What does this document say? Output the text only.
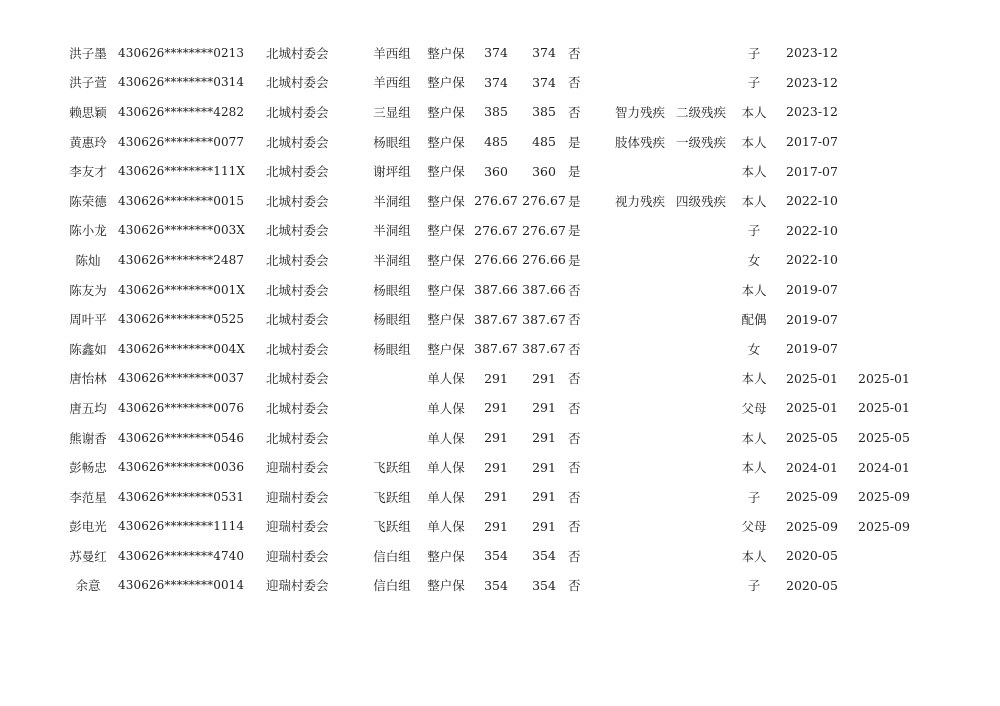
洪子墨	430626********0213	北城村委会	羊西组	整户保	374	374	否			子	2023-12	
洪子萱	430626********0314	北城村委会	羊西组	整户保	374	374	否			子	2023-12	
赖思颖	430626********4282	北城村委会	三显组	整户保	385	385	否	智力残疾	二级残疾	本人	2023-12	
黄惠玲	430626********0077	北城村委会	杨眼组	整户保	485	485	是	肢体残疾	一级残疾	本人	2017-07	
李友才	430626********111X	北城村委会	谢坪组	整户保	360	360	是			本人	2017-07	
陈荣德	430626********0015	北城村委会	半洞组	整户保	276.67	276.67	是	视力残疾	四级残疾	本人	2022-10	
陈小龙	430626********003X	北城村委会	半洞组	整户保	276.67	276.67	是			子	2022-10	
陈灿	430626********2487	北城村委会	半洞组	整户保	276.66	276.66	是			女	2022-10	
陈友为	430626********001X	北城村委会	杨眼组	整户保	387.66	387.66	否			本人	2019-07	
周叶平	430626********0525	北城村委会	杨眼组	整户保	387.67	387.67	否			配偶	2019-07	
陈鑫如	430626********004X	北城村委会	杨眼组	整户保	387.67	387.67	否			女	2019-07	
唐怡林	430626********0037	北城村委会		单人保	291	291	否			本人	2025-01	2025-01
唐五均	430626********0076	北城村委会		单人保	291	291	否			父母	2025-01	2025-01
熊谢香	430626********0546	北城村委会		单人保	291	291	否			本人	2025-05	2025-05
彭畅忠	430626********0036	迎瑞村委会	飞跃组	单人保	291	291	否			本人	2024-01	2024-01
李范星	430626********0531	迎瑞村委会	飞跃组	单人保	291	291	否			子	2025-09	2025-09
彭电光	430626********1114	迎瑞村委会	飞跃组	单人保	291	291	否			父母	2025-09	2025-09
苏曼红	430626********4740	迎瑞村委会	信白组	整户保	354	354	否			本人	2020-05	
余意	430626********0014	迎瑞村委会	信白组	整户保	354	354	否			子	2020-05	
